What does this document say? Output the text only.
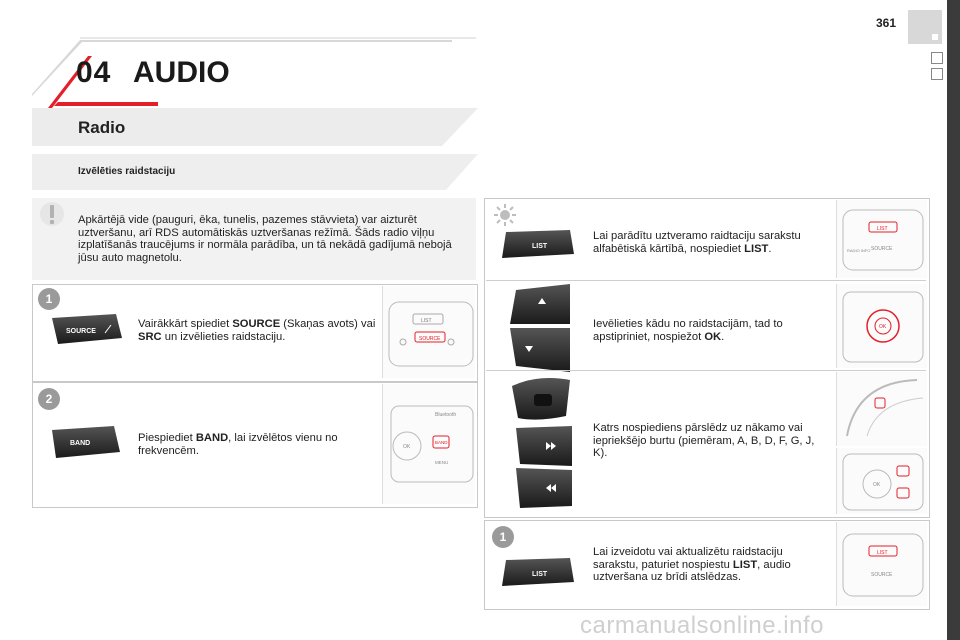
04 AUDIO
361
Radio
Izvēlēties raidstaciju
Apkārtējā vide (pauguri, ēka, tunelis, pazemes stāvvieta) var aizturēt uztveršanu, arī RDS automātiskās uztveršanas režīmā. Šāds radio viļņu izplatīšanās traucējums ir normāla parādība, un tā nekādā gadījumā nebojā jūsu auto magnetolu.
1
SOURCE
Vairākkārt spiediet SOURCE (Skaņas avots) vai SRC un izvēlieties raidstaciju.
LIST
SOURCE
2
BAND	Piespiediet BAND, lai izvēlētos vienu no frekvencēm.
Bluetooth
OK
BAND
MENU
LIST
Lai parādītu uztveramo raidtaciju sarakstu alfabētiskā kārtībā, nospiediet LIST.
LIST
SOURCE
RADIO INFO
Ievēlieties kādu no raidstacijām, tad to apstipriniet, nospiežot OK.
OK
Katrs nospiediens pārslēdz uz nākamo vai iepriekšējo burtu (piemēram, A, B, D, F, G, J, K).
OK
1
LIST
Lai izveidotu vai aktualizētu raidstaciju sarakstu, paturiet nospiestu LIST, audio uztveršana uz brīdi atslēdzas.
LIST
SOURCE
carmanualsonline.info
